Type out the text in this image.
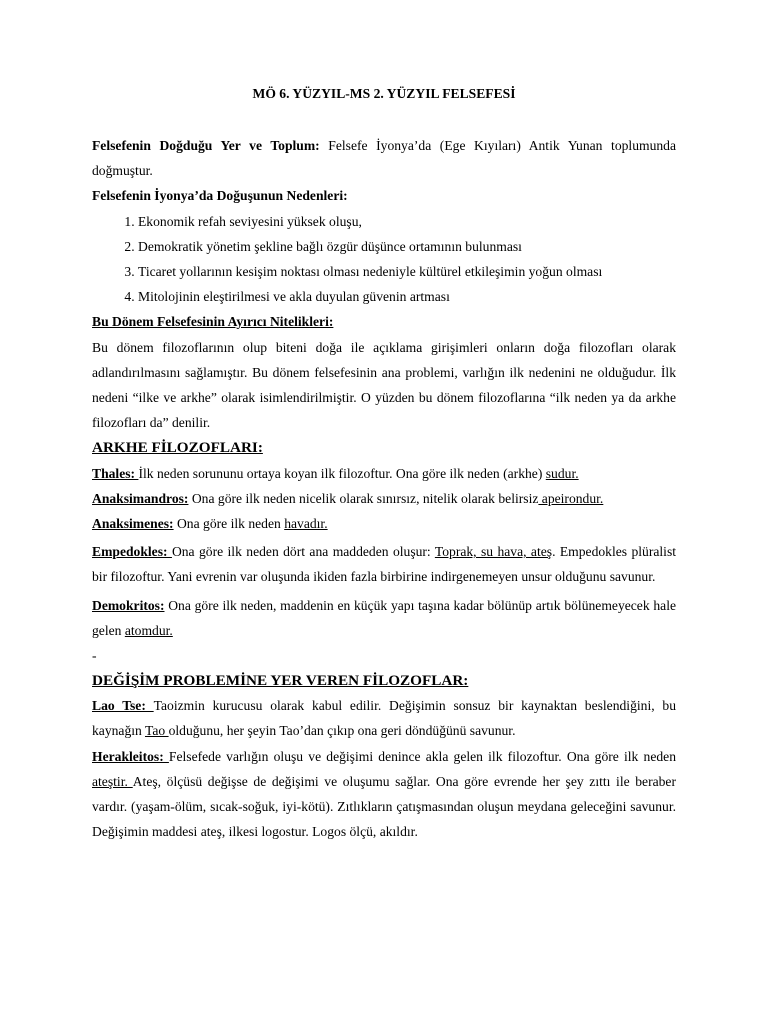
MÖ 6. YÜZYIL-MS 2. YÜZYIL FELSEFESİ

Felsefenin Doğduğu Yer ve Toplum: Felsefe İyonya’da (Ege Kıyıları) Antik Yunan toplumunda doğmuştur.

Felsefenin İyonya’da Doğuşunun Nedenleri:

1. Ekonomik refah seviyesini yüksek oluşu,
2. Demokratik yönetim şekline bağlı özgür düşünce ortamının bulunması
3. Ticaret yollarının kesişim noktası olması nedeniyle kültürel etkileşimin yoğun olması
4. Mitolojinin eleştirilmesi ve akla duyulan güvenin artması

Bu Dönem Felsefesinin Ayırıcı Nitelikleri:

Bu dönem filozoflarının olup biteni doğa ile açıklama girişimleri onların doğa filozofları olarak adlandırılmasını sağlamıştır. Bu dönem felsefesinin ana problemi, varlığın ilk nedenini ne olduğudur. İlk nedeni “ilke ve arkhe” olarak isimlendirilmiştir. O yüzden bu dönem filozoflarına “ilk neden ya da arkhe filozofları da” denilir.

ARKHE FİLOZOFLARI:

Thales: İlk neden sorununu ortaya koyan ilk filozoftur. Ona göre ilk neden (arkhe) sudur.

Anaksimandros: Ona göre ilk neden nicelik olarak sınırsız, nitelik olarak belirsiz apeirondur.

Anaksimenes: Ona göre ilk neden havadır.

Empedokles: Ona göre ilk neden dört ana maddeden oluşur: Toprak, su hava, ateş. Empedokles plüralist bir filozoftur. Yani evrenin var oluşunda ikiden fazla birbirine indirgenemeyen unsur olduğunu savunur.

Demokritos: Ona göre ilk neden, maddenin en küçük yapı taşına kadar bölünüp artık bölünemeyecek hale gelen atomdur.

-

DEĞİŞİM PROBLEMİNE YER VEREN FİLOZOFLAR:

Lao Tse: Taoizmin kurucusu olarak kabul edilir. Değişimin sonsuz bir kaynaktan beslendiğini, bu kaynağın Tao olduğunu, her şeyin Tao’dan çıkıp ona geri döndüğünü savunur.

Herakleitos: Felsefede varlığın oluşu ve değişimi denince akla gelen ilk filozoftur. Ona göre ilk neden ateştir. Ateş, ölçüsü değişse de değişimi ve oluşumu sağlar. Ona göre evrende her şey zıttı ile beraber vardır. (yaşam-ölüm, sıcak-soğuk, iyi-kötü). Zıtlıkların çatışmasından oluşun meydana geleceğini savunur. Değişimin maddesi ateş, ilkesi logostur. Logos ölçü, akıldır.
